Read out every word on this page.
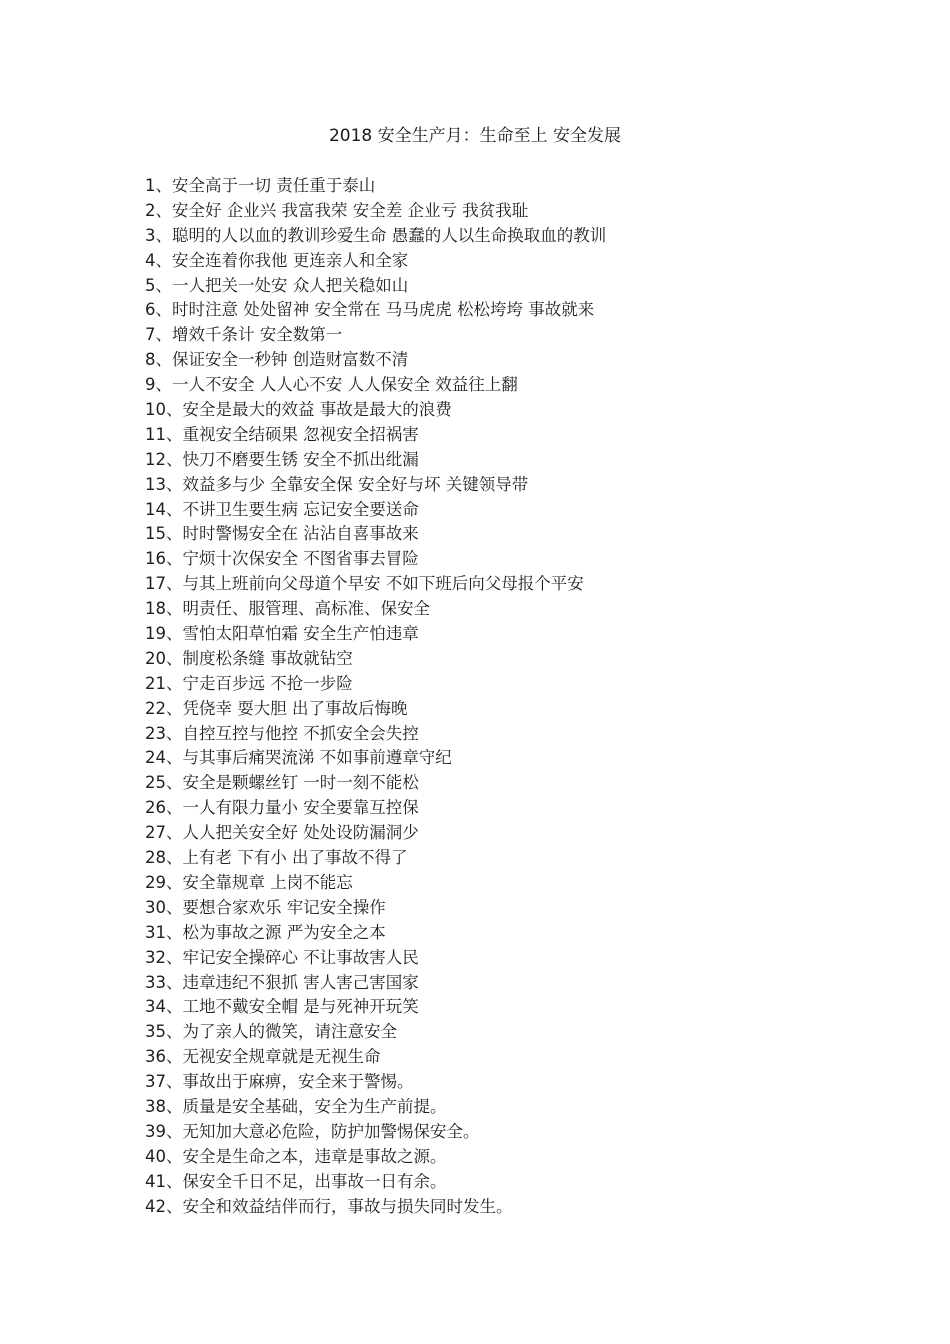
2018 安全生产月：生命至上 安全发展
1、安全高于一切 责任重于泰山
2、安全好 企业兴 我富我荣 安全差 企业亏 我贫我耻
3、聪明的人以血的教训珍爱生命 愚蠢的人以生命换取血的教训
4、安全连着你我他 更连亲人和全家
5、一人把关一处安 众人把关稳如山
6、时时注意 处处留神 安全常在 马马虎虎 松松垮垮 事故就来
7、增效千条计 安全数第一
8、保证安全一秒钟 创造财富数不清
9、一人不安全 人人心不安 人人保安全 效益往上翻
10、安全是最大的效益 事故是最大的浪费
11、重视安全结硕果 忽视安全招祸害
12、快刀不磨要生锈 安全不抓出纰漏
13、效益多与少 全靠安全保 安全好与坏 关键领导带
14、不讲卫生要生病 忘记安全要送命
15、时时警惕安全在 沾沾自喜事故来
16、宁烦十次保安全 不图省事去冒险
17、与其上班前向父母道个早安 不如下班后向父母报个平安
18、明责任、服管理、高标准、保安全
19、雪怕太阳草怕霜 安全生产怕违章
20、制度松条缝 事故就钻空
21、宁走百步远 不抢一步险
22、凭侥幸 耍大胆 出了事故后悔晚
23、自控互控与他控 不抓安全会失控
24、与其事后痛哭流涕 不如事前遵章守纪
25、安全是颗螺丝钉 一时一刻不能松
26、一人有限力量小 安全要靠互控保
27、人人把关安全好 处处设防漏洞少
28、上有老 下有小 出了事故不得了
29、安全靠规章 上岗不能忘
30、要想合家欢乐 牢记安全操作
31、松为事故之源 严为安全之本
32、牢记安全操碎心 不让事故害人民
33、违章违纪不狠抓 害人害己害国家
34、工地不戴安全帽 是与死神开玩笑
35、为了亲人的微笑，请注意安全
36、无视安全规章就是无视生命
37、事故出于麻痹，安全来于警惕。
38、质量是安全基础，安全为生产前提。
39、无知加大意必危险，防护加警惕保安全。
40、安全是生命之本，违章是事故之源。
41、保安全千日不足，出事故一日有余。
42、安全和效益结伴而行，事故与损失同时发生。
